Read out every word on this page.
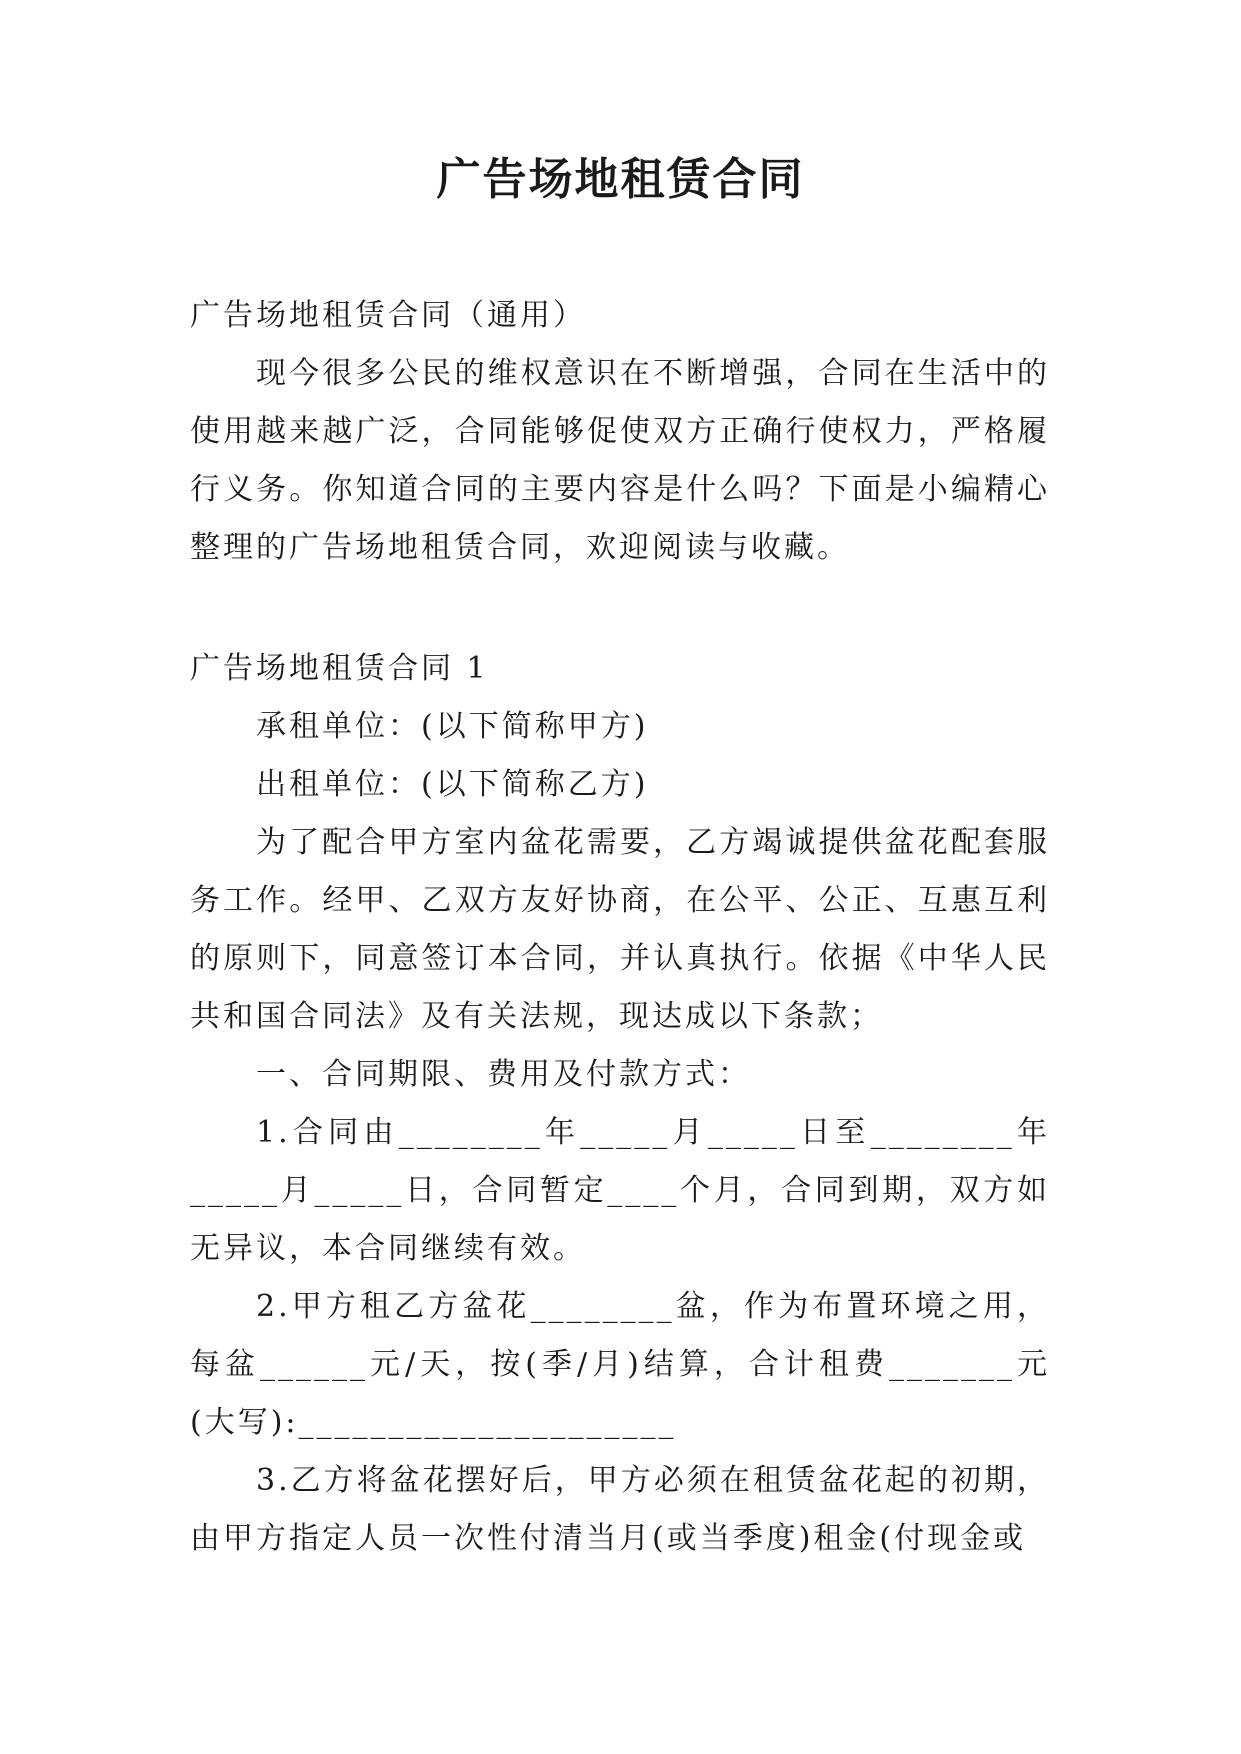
广告场地租赁合同

广告场地租赁合同（通用）

现今很多公民的维权意识在不断增强，合同在生活中的使用越来越广泛，合同能够促使双方正确行使权力，严格履行义务。你知道合同的主要内容是什么吗？下面是小编精心整理的广告场地租赁合同，欢迎阅读与收藏。

广告场地租赁合同 1

承租单位：(以下简称甲方)

出租单位：(以下简称乙方)

为了配合甲方室内盆花需要，乙方竭诚提供盆花配套服务工作。经甲、乙双方友好协商，在公平、公正、互惠互利的原则下，同意签订本合同，并认真执行。依据《中华人民共和国合同法》及有关法规，现达成以下条款；

一、合同期限、费用及付款方式：

1.合同由________年_____月_____日至________年_____月_____日，合同暂定____个月，合同到期，双方如无异议，本合同继续有效。

2.甲方租乙方盆花________盆，作为布置环境之用，每盆______元/天，按(季/月)结算，合计租费_______元(大写):_____________________

3.乙方将盆花摆好后，甲方必须在租赁盆花起的初期，由甲方指定人员一次性付清当月(或当季度)租金(付现金或
